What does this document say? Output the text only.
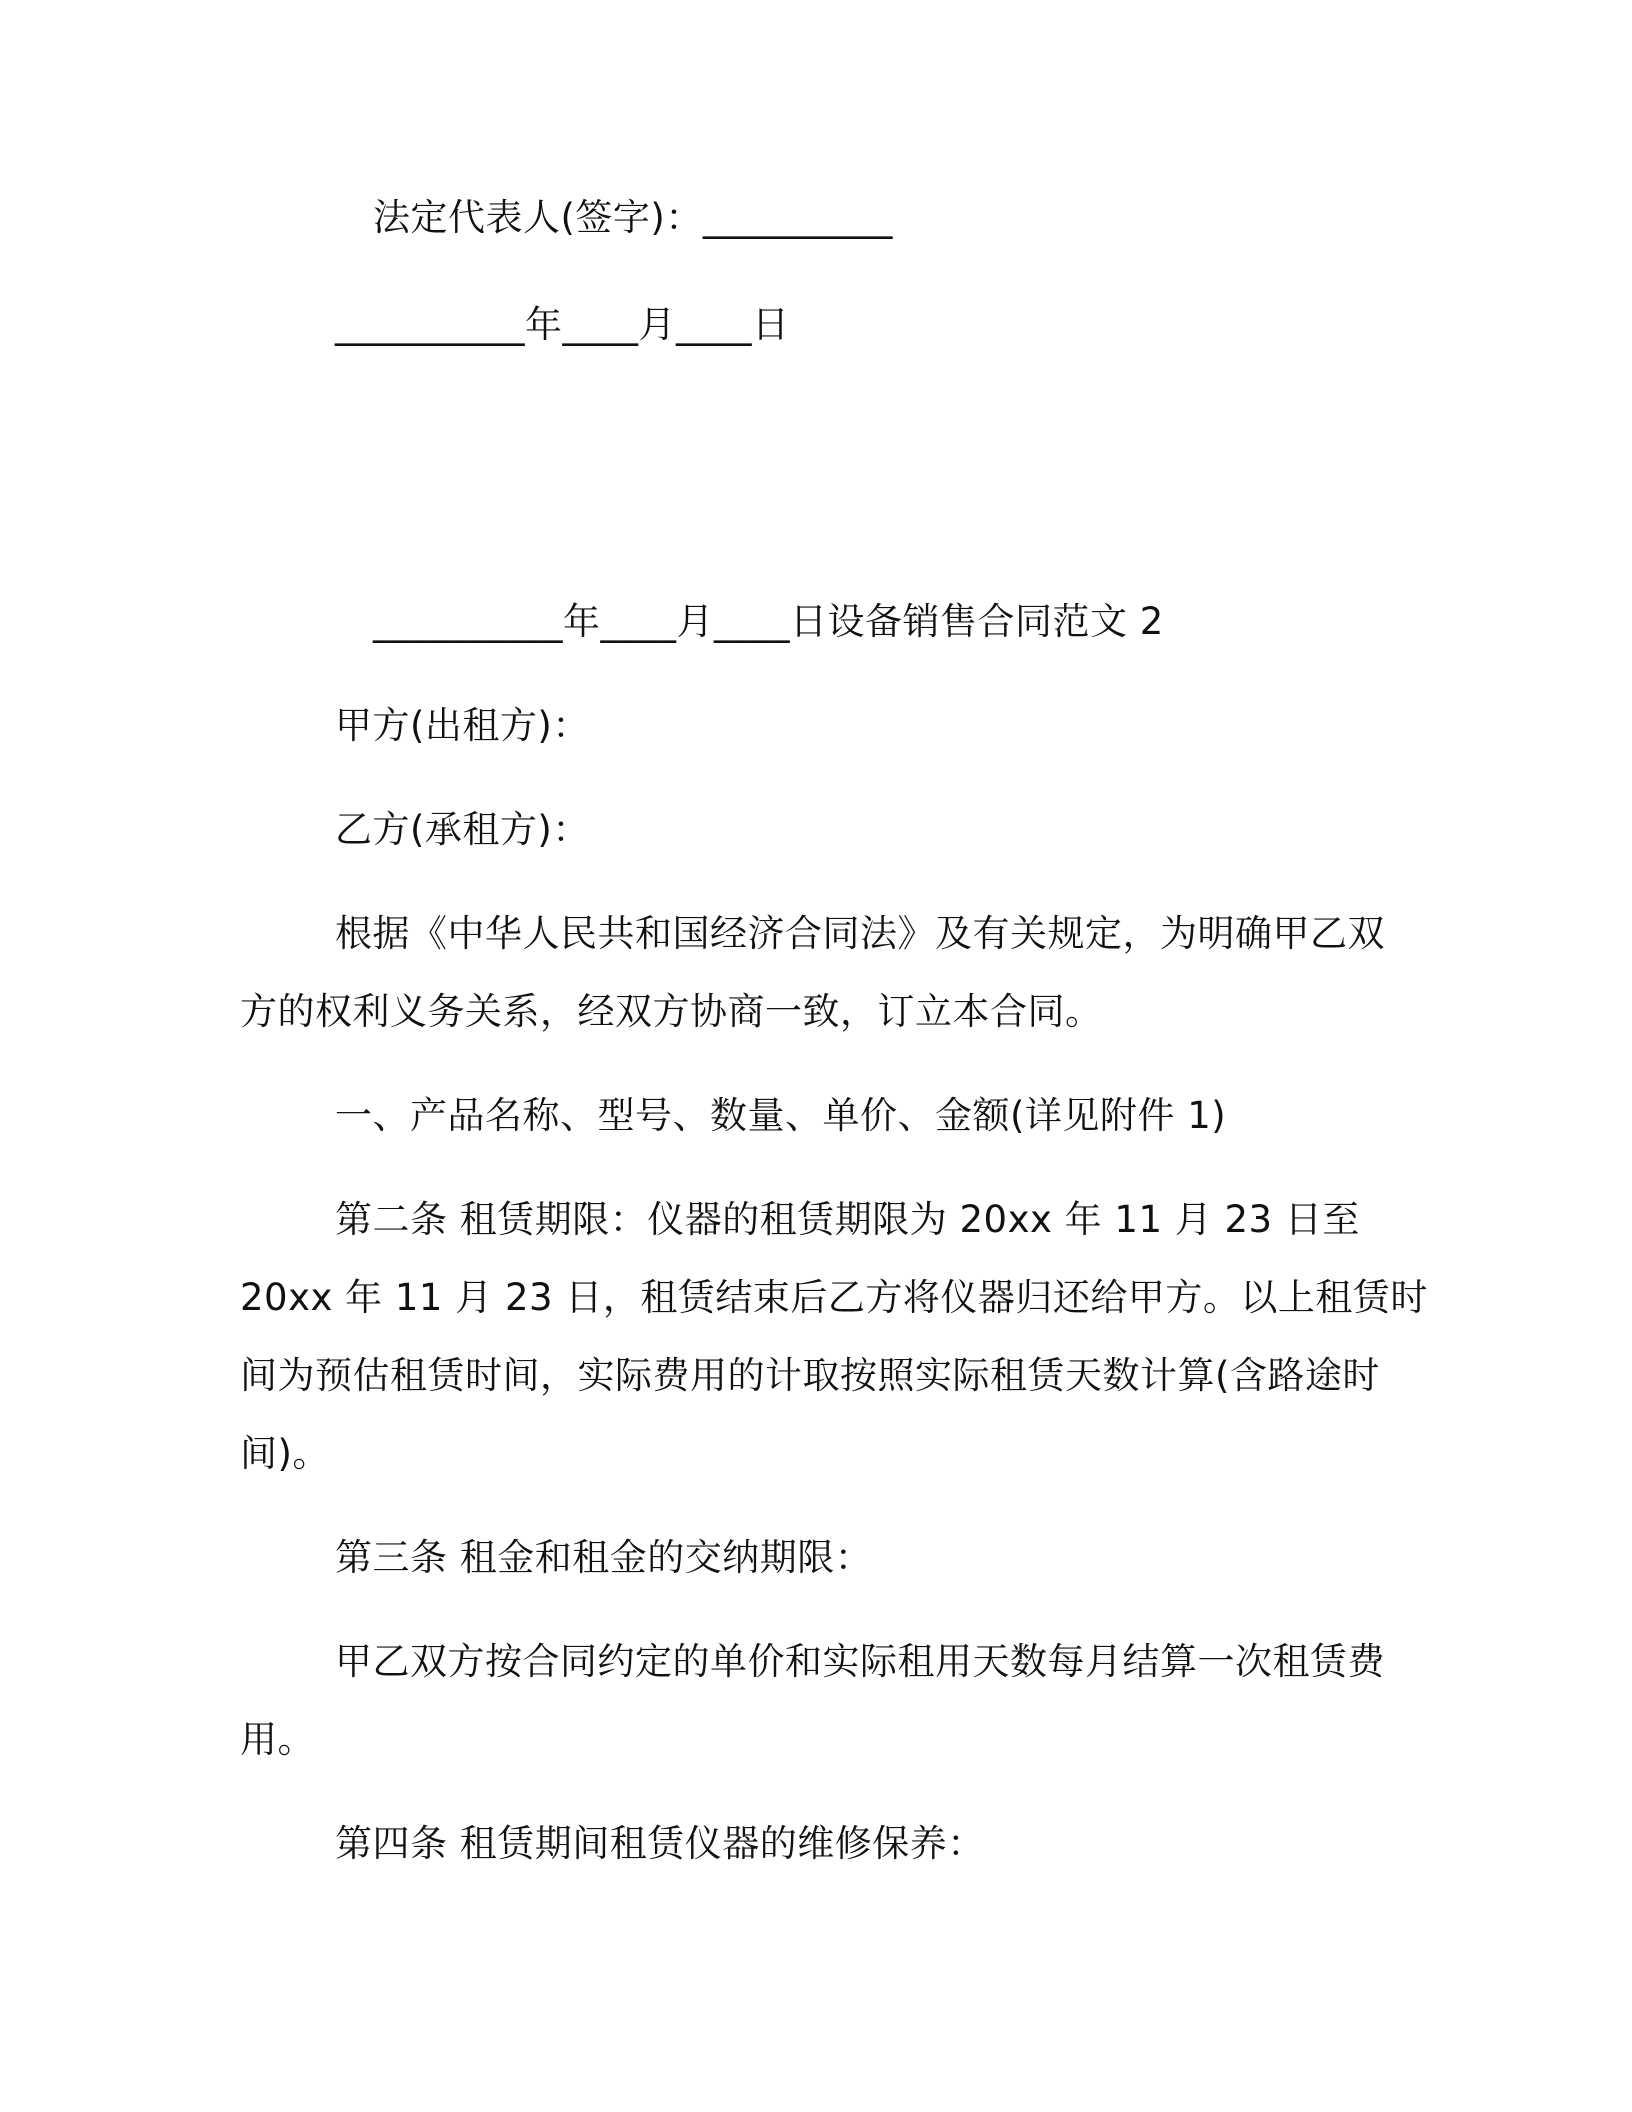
法定代表人(签字)：__________
__________年____月____日
__________年____月____日设备销售合同范文 2
甲方(出租方)：
乙方(承租方)：
根据《中华人民共和国经济合同法》及有关规定，为明确甲乙双
方的权利义务关系，经双方协商一致，订立本合同。
一、产品名称、型号、数量、单价、金额(详见附件 1)
第二条 租赁期限：仪器的租赁期限为 20xx 年 11 月 23 日至
20xx 年 11 月 23 日，租赁结束后乙方将仪器归还给甲方。以上租赁时
间为预估租赁时间，实际费用的计取按照实际租赁天数计算(含路途时
间)。
第三条 租金和租金的交纳期限：
甲乙双方按合同约定的单价和实际租用天数每月结算一次租赁费
用。
第四条 租赁期间租赁仪器的维修保养：
